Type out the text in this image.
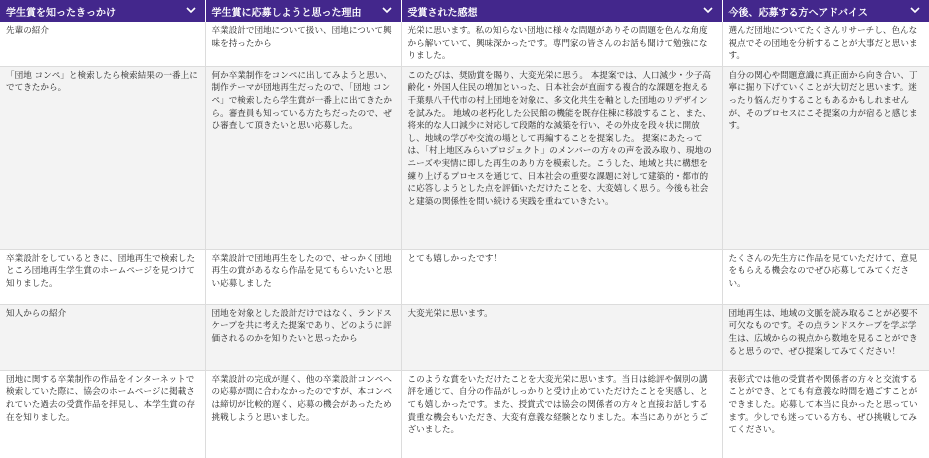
学生賞を知ったきっかけ	学生賞に応募しようと思った理由	受賞された感想	今後、応募する方へアドバイス

先輩の紹介	卒業設計で団地について扱い、団地について興味を持ったから	光栄に思います。私の知らない団地に様々な問題がありその問題を色んな角度から解いていて、興味深かったです。専門家の皆さんのお話も聞けて勉強になりました。	選んだ団地についてたくさんリサーチし、色んな視点でその団地を分析することが大事だと思います。
「団地 コンペ」と検索したら検索結果の一番上にでてきたから。	何か卒業制作をコンペに出してみようと思い、制作テーマが団地再生だったので、「団地 コンペ」で検索したら学生賞が一番上に出てきたから。審査員も知っている方たちだったので、ぜひ審査して頂きたいと思い応募した。	このたびは、奨励賞を賜り、大変光栄に思う。 本提案では、人口減少・少子高齢化・外国人住民の増加といった、日本社会が直面する複合的な課題を抱える千葉県八千代市の村上団地を対象に、多文化共生を軸とした団地のリデザインを試みた。 地域の老朽化した公民館の機能を既存住棟に移設すること、また、将来的な人口減少に対応して段階的な減築を行い、その外皮を段々状に開放し、地域の学びや交流の場として再編することを提案した。 提案にあたっては、「村上地区みらいプロジェクト」のメンバーの方々の声を汲み取り、現地のニーズや実情に即した再生のあり方を模索した。こうした、地域と共に構想を練り上げるプロセスを通じて、日本社会の重要な課題に対して建築的・都市的に応答しようとした点を評価いただけたことを、大変嬉しく思う。今後も社会と建築の関係性を問い続ける実践を重ねていきたい。	自分の関心や問題意識に真正面から向き合い、丁寧に掘り下げていくことが大切だと思います。迷ったり悩んだりすることもあるかもしれませんが、そのプロセスにこそ提案の力が宿ると感じます。
卒業設計をしているときに、団地再生で検索したところ団地再生学生賞のホームページを見つけて知りました。	卒業設計で団地再生をしたので、せっかく団地再生の賞があるなら作品を見てもらいたいと思い応募しました	とても嬉しかったです！	たくさんの先生方に作品を見ていただけて、意見をもらえる機会なのでぜひ応募してみてください。
知人からの紹介	団地を対象とした設計だけではなく、ランドスケープを共に考えた提案であり、どのように評価されるのかを知りたいと思ったから	大変光栄に思います。	団地再生は、地域の文脈を読み取ることが必要不可欠なものです。その点ランドスケープを学ぶ学生は、広域からの視点から数地を見ることができると思うので、ぜひ提案してみてください！
団地に関する卒業制作の作品をインターネットで検索していた際に、協会のホームページに掲載されていた過去の受賞作品を拝見し、本学生賞の存在を知りました。	卒業設計の完成が遅く、他の卒業設計コンペへの応募が間に合わなかったのですが、本コンペは締切が比較的遅く、応募の機会があったため挑戦しようと思いました。	このような賞をいただけたことを大変光栄に思います。当日は総評や個別の講評を通じて、自分の作品がしっかりと受け止めていただけたことを実感し、とても嬉しかったです。また、授賞式では協会の関係者の方々と直接お話しする貴重な機会もいただき、大変有意義な経験となりました。本当にありがとうございました。	表彰式では他の受賞者や関係者の方々と交流することができ、とても有意義な時間を過ごすことができました。応募して本当に良かったと思っています。少しでも迷っている方も、ぜひ挑戦してみてください。
